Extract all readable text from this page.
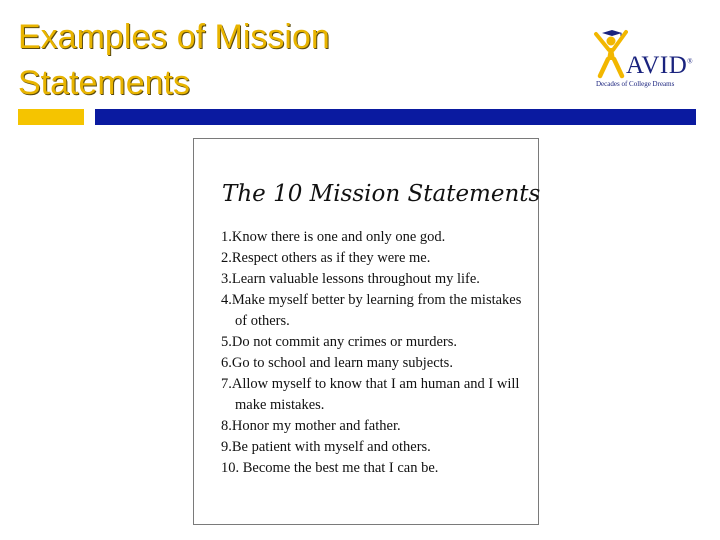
Examples of Mission Statements	AVID®
Decades of College Dreams
The 10 Mission Statements
1.Know there is one and only one god.
2.Respect others as if they were me.
3.Learn valuable lessons throughout my life.
4.Make myself better by learning from the mistakes of others.
5.Do not commit any crimes or murders.
6.Go to school and learn many subjects.
7.Allow myself to know that I am human and I will make mistakes.
8.Honor my mother and father.
9.Be patient with myself and others.
10. Become the best me that I can be.
